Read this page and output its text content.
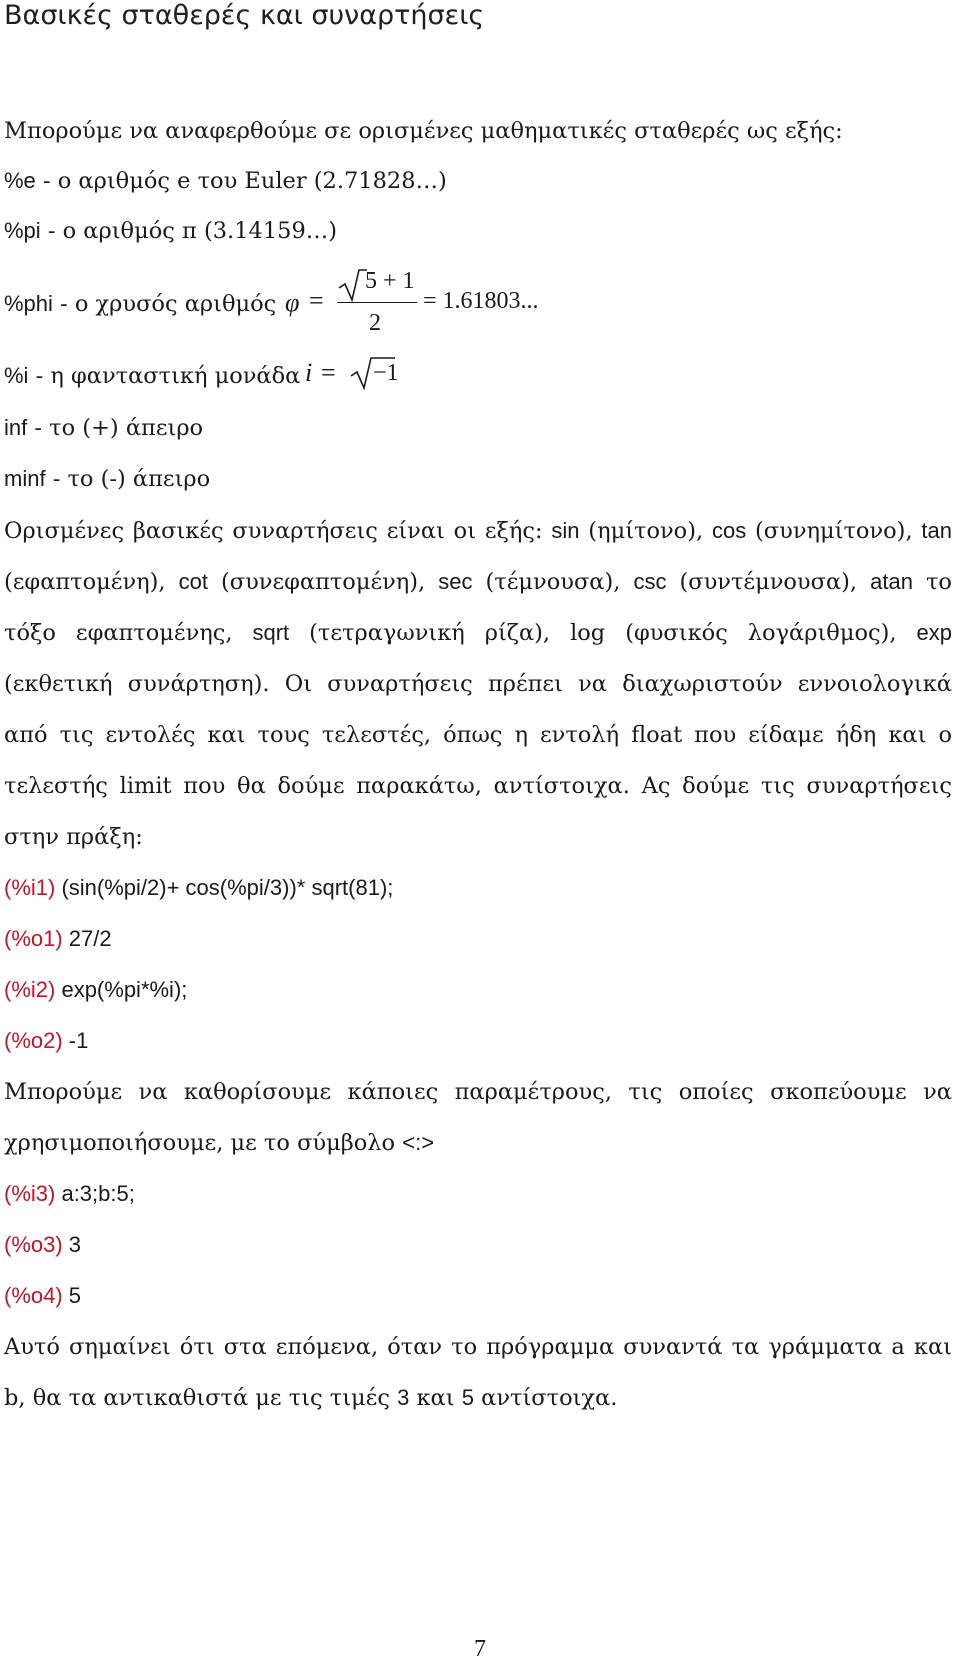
Βασικές σταθερές και συναρτήσεις
Μπορούμε να αναφερθούμε σε ορισμένες μαθηματικές σταθερές ως εξής:
%e - ο αριθμός e του Euler (2.71828…)
%pi - ο αριθμός π (3.14159…)
%phi - ο χρυσός αριθμός φ =
5 + 1
2
= 1.61803...
%i - η φανταστική μονάδα i = −1
inf - το (+) άπειρο
minf - το (-) άπειρο
Ορισμένες βασικές συναρτήσεις είναι οι εξής: sin (ημίτονο), cos (συνημίτονο), tan
(εφαπτομένη), cot (συνεφαπτομένη), sec (τέμνουσα), csc (συντέμνουσα), atan το
τόξο εφαπτομένης, sqrt (τετραγωνική ρίζα), log (φυσικός λογάριθμος), exp
(εκθετική συνάρτηση). Οι συναρτήσεις πρέπει να διαχωριστούν εννοιολογικά
από τις εντολές και τους τελεστές, όπως η εντολή float που είδαμε ήδη και ο
τελεστής limit που θα δούμε παρακάτω, αντίστοιχα. Ας δούμε τις συναρτήσεις
στην πράξη:
(%i1) (sin(%pi/2)+ cos(%pi/3))* sqrt(81);
(%o1) 27/2
(%i2) exp(%pi*%i);
(%o2) -1
Μπορούμε να καθορίσουμε κάποιες παραμέτρους, τις οποίες σκοπεύουμε να
χρησιμοποιήσουμε, με το σύμβολο <:>
(%i3) a:3;b:5;
(%o3) 3
(%o4) 5
Αυτό σημαίνει ότι στα επόμενα, όταν το πρόγραμμα συναντά τα γράμματα a και
b, θα τα αντικαθιστά με τις τιμές 3 και 5 αντίστοιχα.
7
